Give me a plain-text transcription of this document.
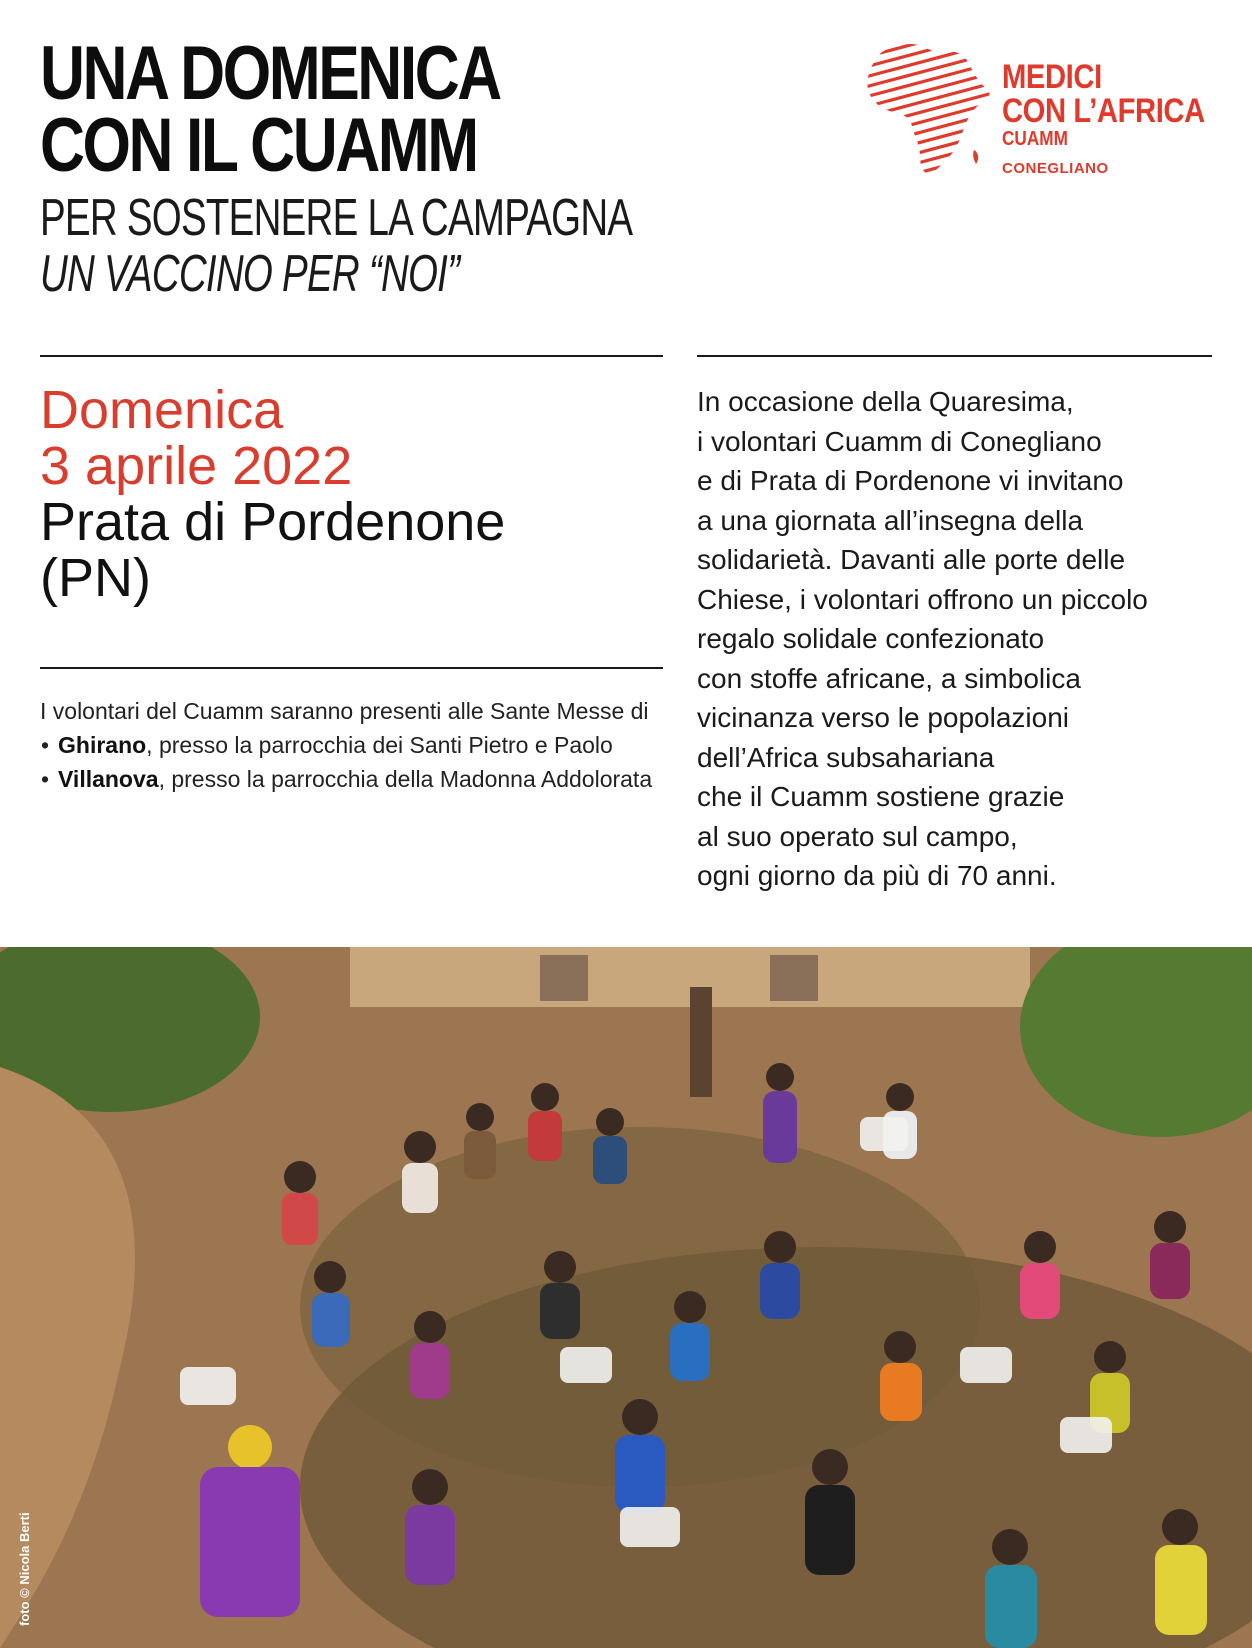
UNA DOMENICA
CON IL CUAMM
PER SOSTENERE LA CAMPAGNA
UN VACCINO PER “NOI”
MEDICI
CON L’AFRICA
CUAMM
CONEGLIANO
Domenica
3 aprile 2022
Prata di Pordenone
(PN)
In occasione della Quaresima,
i volontari Cuamm di Conegliano
e di Prata di Pordenone vi invitano
a una giornata all’insegna della
solidarietà. Davanti alle porte delle
Chiese, i volontari offrono un piccolo
regalo solidale confezionato
con stoffe africane, a simbolica
vicinanza verso le popolazioni
dell’Africa subsahariana
che il Cuamm sostiene grazie
al suo operato sul campo,
ogni giorno da più di 70 anni.

I volontari del Cuamm saranno presenti alle Sante Messe di

• Ghirano, presso la parrocchia dei Santi Pietro e Paolo
• Villanova, presso la parrocchia della Madonna Addolorata
foto © Nicola Berti
